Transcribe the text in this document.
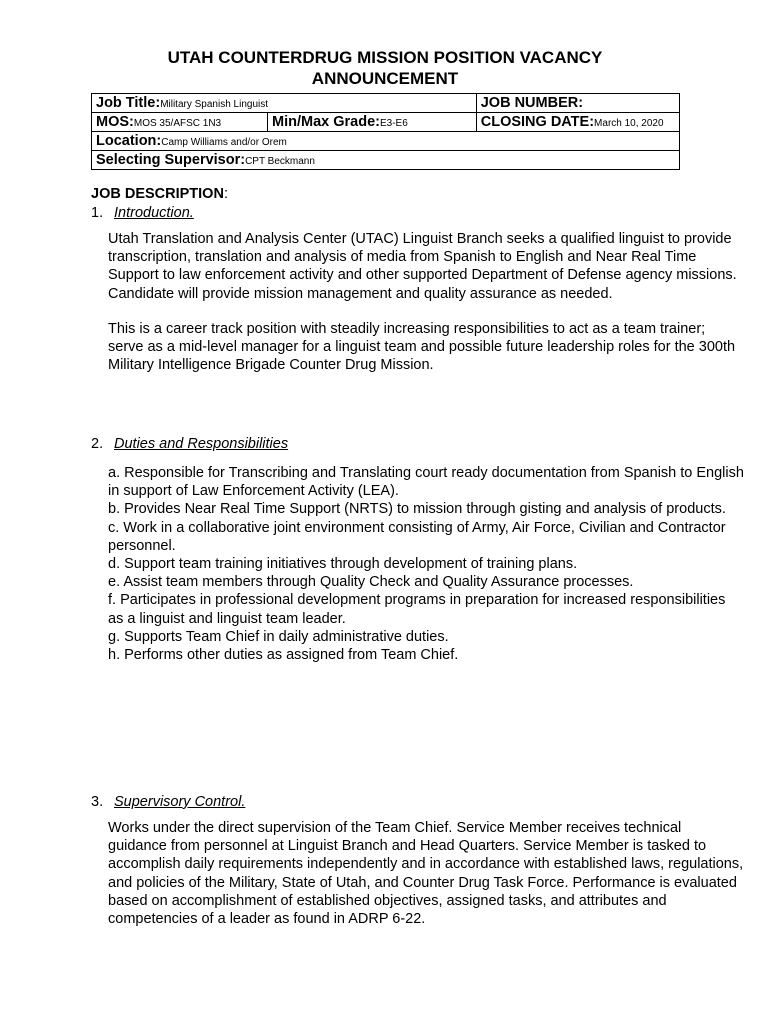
UTAH COUNTERDRUG MISSION POSITION VACANCY
ANNOUNCEMENT
Job Title:Military Spanish Linguist		JOB NUMBER:
MOS:MOS 35/AFSC 1N3	Min/Max Grade:E3-E6	CLOSING DATE:March 10, 2020
Location:Camp Williams and/or Orem		
Selecting Supervisor:CPT Beckmann		
JOB DESCRIPTION:
1. Introduction.
Utah Translation and Analysis Center (UTAC) Linguist Branch seeks a qualified linguist to provide transcription, translation and analysis of media from Spanish to English and Near Real Time Support to law enforcement activity and other supported Department of Defense agency missions. Candidate will provide mission management and quality assurance as needed.
This is a career track position with steadily increasing responsibilities to act as a team trainer; serve as a mid-level manager for a linguist team and possible future leadership roles for the 300th Military Intelligence Brigade Counter Drug Mission.
2. Duties and Responsibilities
a. Responsible for Transcribing and Translating court ready documentation from Spanish to English in support of Law Enforcement Activity (LEA).
b. Provides Near Real Time Support (NRTS) to mission through gisting and analysis of products.
c. Work in a collaborative joint environment consisting of Army, Air Force, Civilian and Contractor personnel.
d. Support team training initiatives through development of training plans.
e. Assist team members through Quality Check and Quality Assurance processes.
f. Participates in professional development programs in preparation for increased responsibilities as a linguist and linguist team leader.
g. Supports Team Chief in daily administrative duties.
h. Performs other duties as assigned from Team Chief.
3. Supervisory Control.
Works under the direct supervision of the Team Chief. Service Member receives technical guidance from personnel at Linguist Branch and Head Quarters. Service Member is tasked to accomplish daily requirements independently and in accordance with established laws, regulations, and policies of the Military, State of Utah, and Counter Drug Task Force. Performance is evaluated based on accomplishment of established objectives, assigned tasks, and attributes and competencies of a leader as found in ADRP 6-22.
